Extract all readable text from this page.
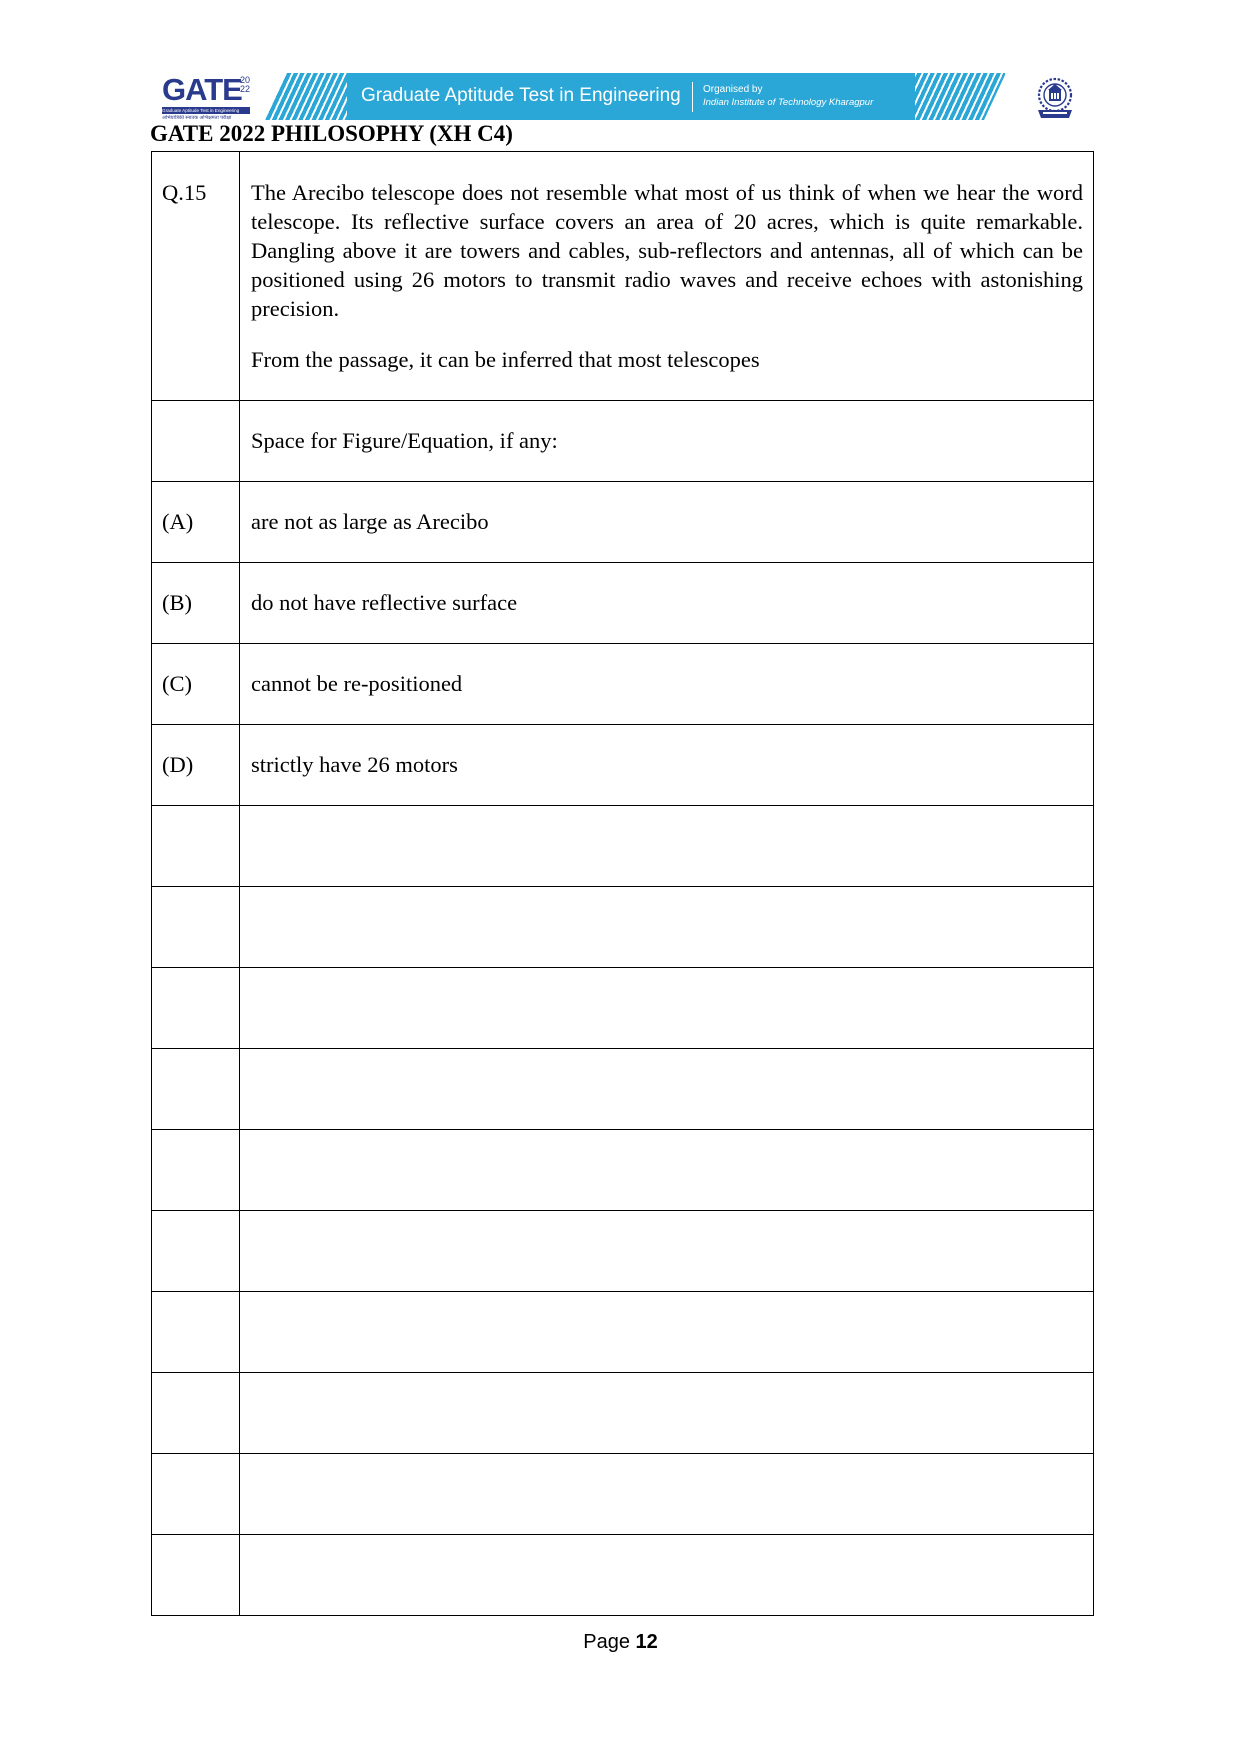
GATE
2022
Graduate Aptitude Test in Engineering
अभियांत्रिकी स्नातक अभिक्षमता परीक्षा
Graduate Aptitude Test in Engineering Organised by
Indian Institute of Technology Kharagpur
GATE 2022 PHILOSOPHY (XH C4)
Q.15	The Arecibo telescope does not resemble what most of us think of when we hear the word telescope. Its reflective surface covers an area of 20 acres, which is quite remarkable. Dangling above it are towers and cables, sub-reflectors and antennas, all of which can be positioned using 26 motors to transmit radio waves and receive echoes with astonishing precision.

From the passage, it can be inferred that most telescopes

	Space for Figure/Equation, if any:

(A)	are not as large as Arecibo

(B)	do not have reflective surface

(C)	cannot be re-positioned

(D)	strictly have 26 motors

Page 12
